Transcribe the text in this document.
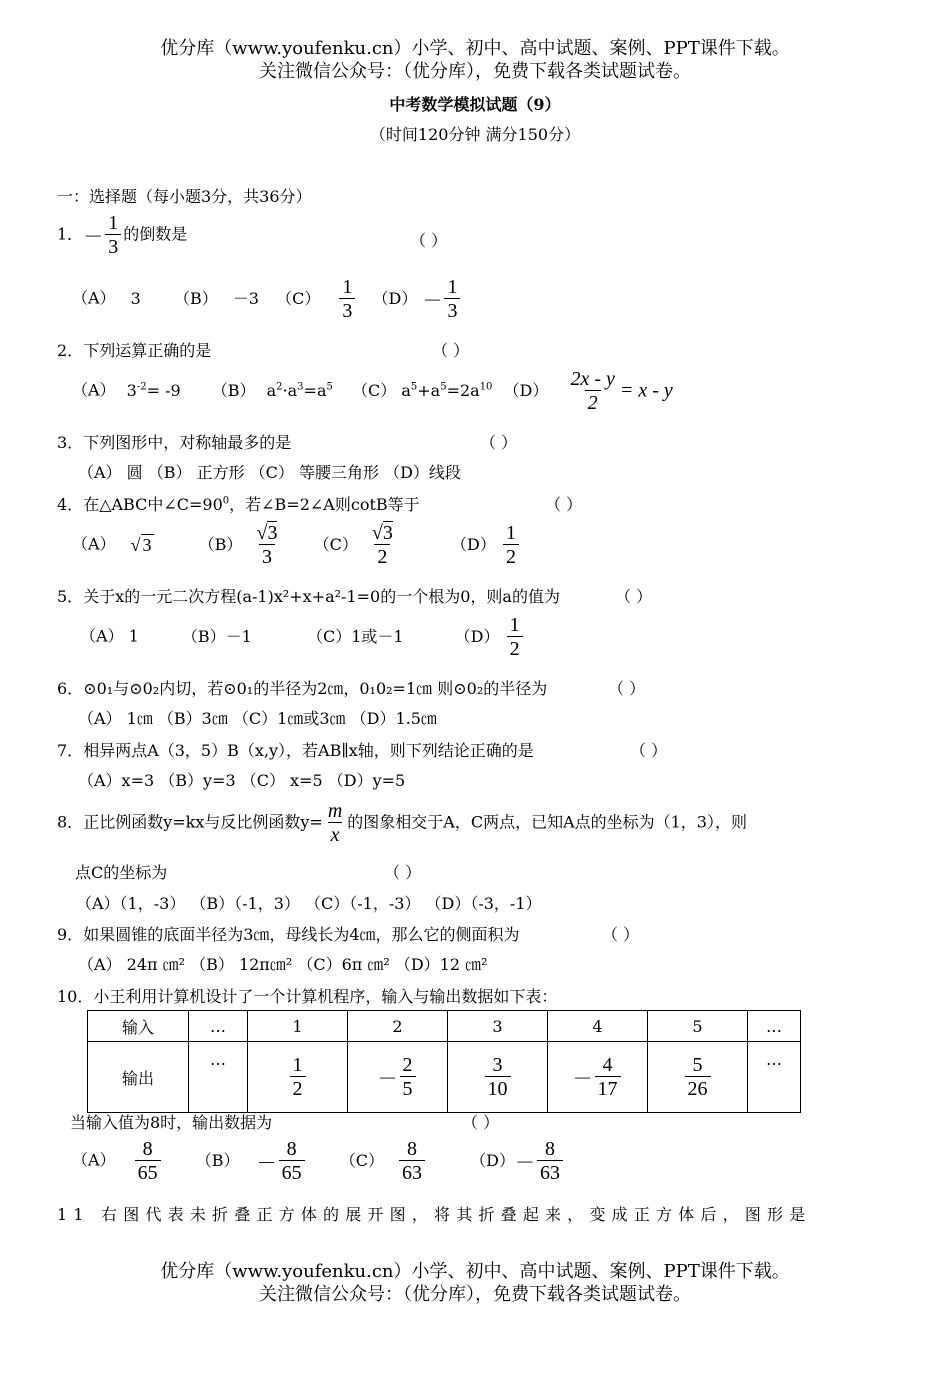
优分库（www.youfenku.cn）小学、初中、高中试题、案例、PPT课件下载。
关注微信公众号：（优分库），免费下载各类试题试卷。
中考数学模拟试题（9）
（时间120分钟 满分150分）
一：选择题（每小题3分，共36分）
1．－ $\frac{1}{3}$ 的倒数是	（ ）
（A） 3 （B） －3 $(C) \frac{1}{3} (D) - \frac{1}{3}$
2．下列运算正确的是	（ ）
（A） $3^{-2}= -9$ （B） $a^2\cdot a^3=a^5$ （C） $a^5+a^5=2a^{10}$ $(D) \frac{2x - y}{2} = x - y$
3．下列图形中，对称轴最多的是	（ ）
（A） 圆 （B） 正方形 （C） 等腰三角形 （D）线段
4．在△ABC中$\angle C=90^0$，若∠B=2∠A则cotB等于	（ ）
（A） √ 3	$(B) \frac{√3}{3} (C) \frac{√3}{2}$	$(D) \frac{1}{2}$
5．关于x的一元二次方程(a-1)x²+x+a²-1=0的一个根为0，则a的值为	（ ）
（A） 1	（B）－1	（C）1或－1	$(D) \frac{1}{2}$
6．⊙0₁与⊙0₂内切，若⊙0₁的半径为2㎝，0₁0₂=1㎝ 则⊙0₂的半径为	（ ）
（A） 1㎝ （B）3㎝ （C）1㎝或3㎝ （D）1.5㎝
7．相异两点A（3，5）B（x,y），若AB∥x轴，则下列结论正确的是	（ ）
（A）x=3 （B）y=3 （C） x=5 （D）y=5
8．正比例函数y=kx与反比例函数$y= \frac{m}{x}$ 的图象相交于A，C两点，已知A点的坐标为（1，3），则
点C的坐标为	（ ）
（A）（1，-3） （B）（-1，3） （C）（-1，-3） （D）（-3，-1）
9．如果圆锥的底面半径为3㎝，母线长为4㎝，那么它的侧面积为	（ ）
（A） 24π ㎝² （B） 12π㎝² （C）6π ㎝² （D）12 ㎝²
10．小王利用计算机设计了一个计算机程序，输入与输出数据如下表：
输入	…	1	2	3	4	5	…
输出	…	$\frac{1}{2}$	－ $\frac{2}{5}$	$\frac{3}{10}$	－ $\frac{4}{17}$	$\frac{5}{26}$	…
当输入值为8时，输出数据为	（ ）
$(A) \frac{8}{65} (B) - \frac{8}{65} (C) \frac{8}{63}$	$(D)- \frac{8}{63}$
11 右图代表未折叠正方体的展开图，将其折叠起来，变成正方体后，图形是
优分库（www.youfenku.cn）小学、初中、高中试题、案例、PPT课件下载。
关注微信公众号：（优分库），免费下载各类试题试卷。
